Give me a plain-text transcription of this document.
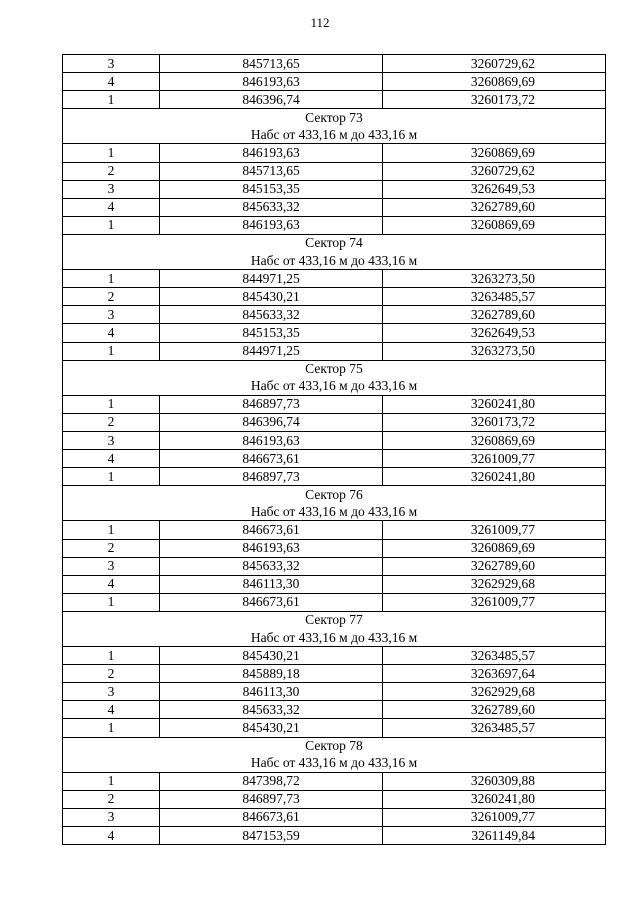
112
3	845713,65	3260729,62
4	846193,63	3260869,69
1	846396,74	3260173,72
Сектор 73		
Набс от 433,16 м до 433,16 м		
1	846193,63	3260869,69
2	845713,65	3260729,62
3	845153,35	3262649,53
4	845633,32	3262789,60
1	846193,63	3260869,69
Сектор 74		
Набс от 433,16 м до 433,16 м		
1	844971,25	3263273,50
2	845430,21	3263485,57
3	845633,32	3262789,60
4	845153,35	3262649,53
1	844971,25	3263273,50
Сектор 75		
Набс от 433,16 м до 433,16 м		
1	846897,73	3260241,80
2	846396,74	3260173,72
3	846193,63	3260869,69
4	846673,61	3261009,77
1	846897,73	3260241,80
Сектор 76		
Набс от 433,16 м до 433,16 м		
1	846673,61	3261009,77
2	846193,63	3260869,69
3	845633,32	3262789,60
4	846113,30	3262929,68
1	846673,61	3261009,77
Сектор 77		
Набс от 433,16 м до 433,16 м		
1	845430,21	3263485,57
2	845889,18	3263697,64
3	846113,30	3262929,68
4	845633,32	3262789,60
1	845430,21	3263485,57
Сектор 78		
Набс от 433,16 м до 433,16 м		
1	847398,72	3260309,88
2	846897,73	3260241,80
3	846673,61	3261009,77
4	847153,59	3261149,84
